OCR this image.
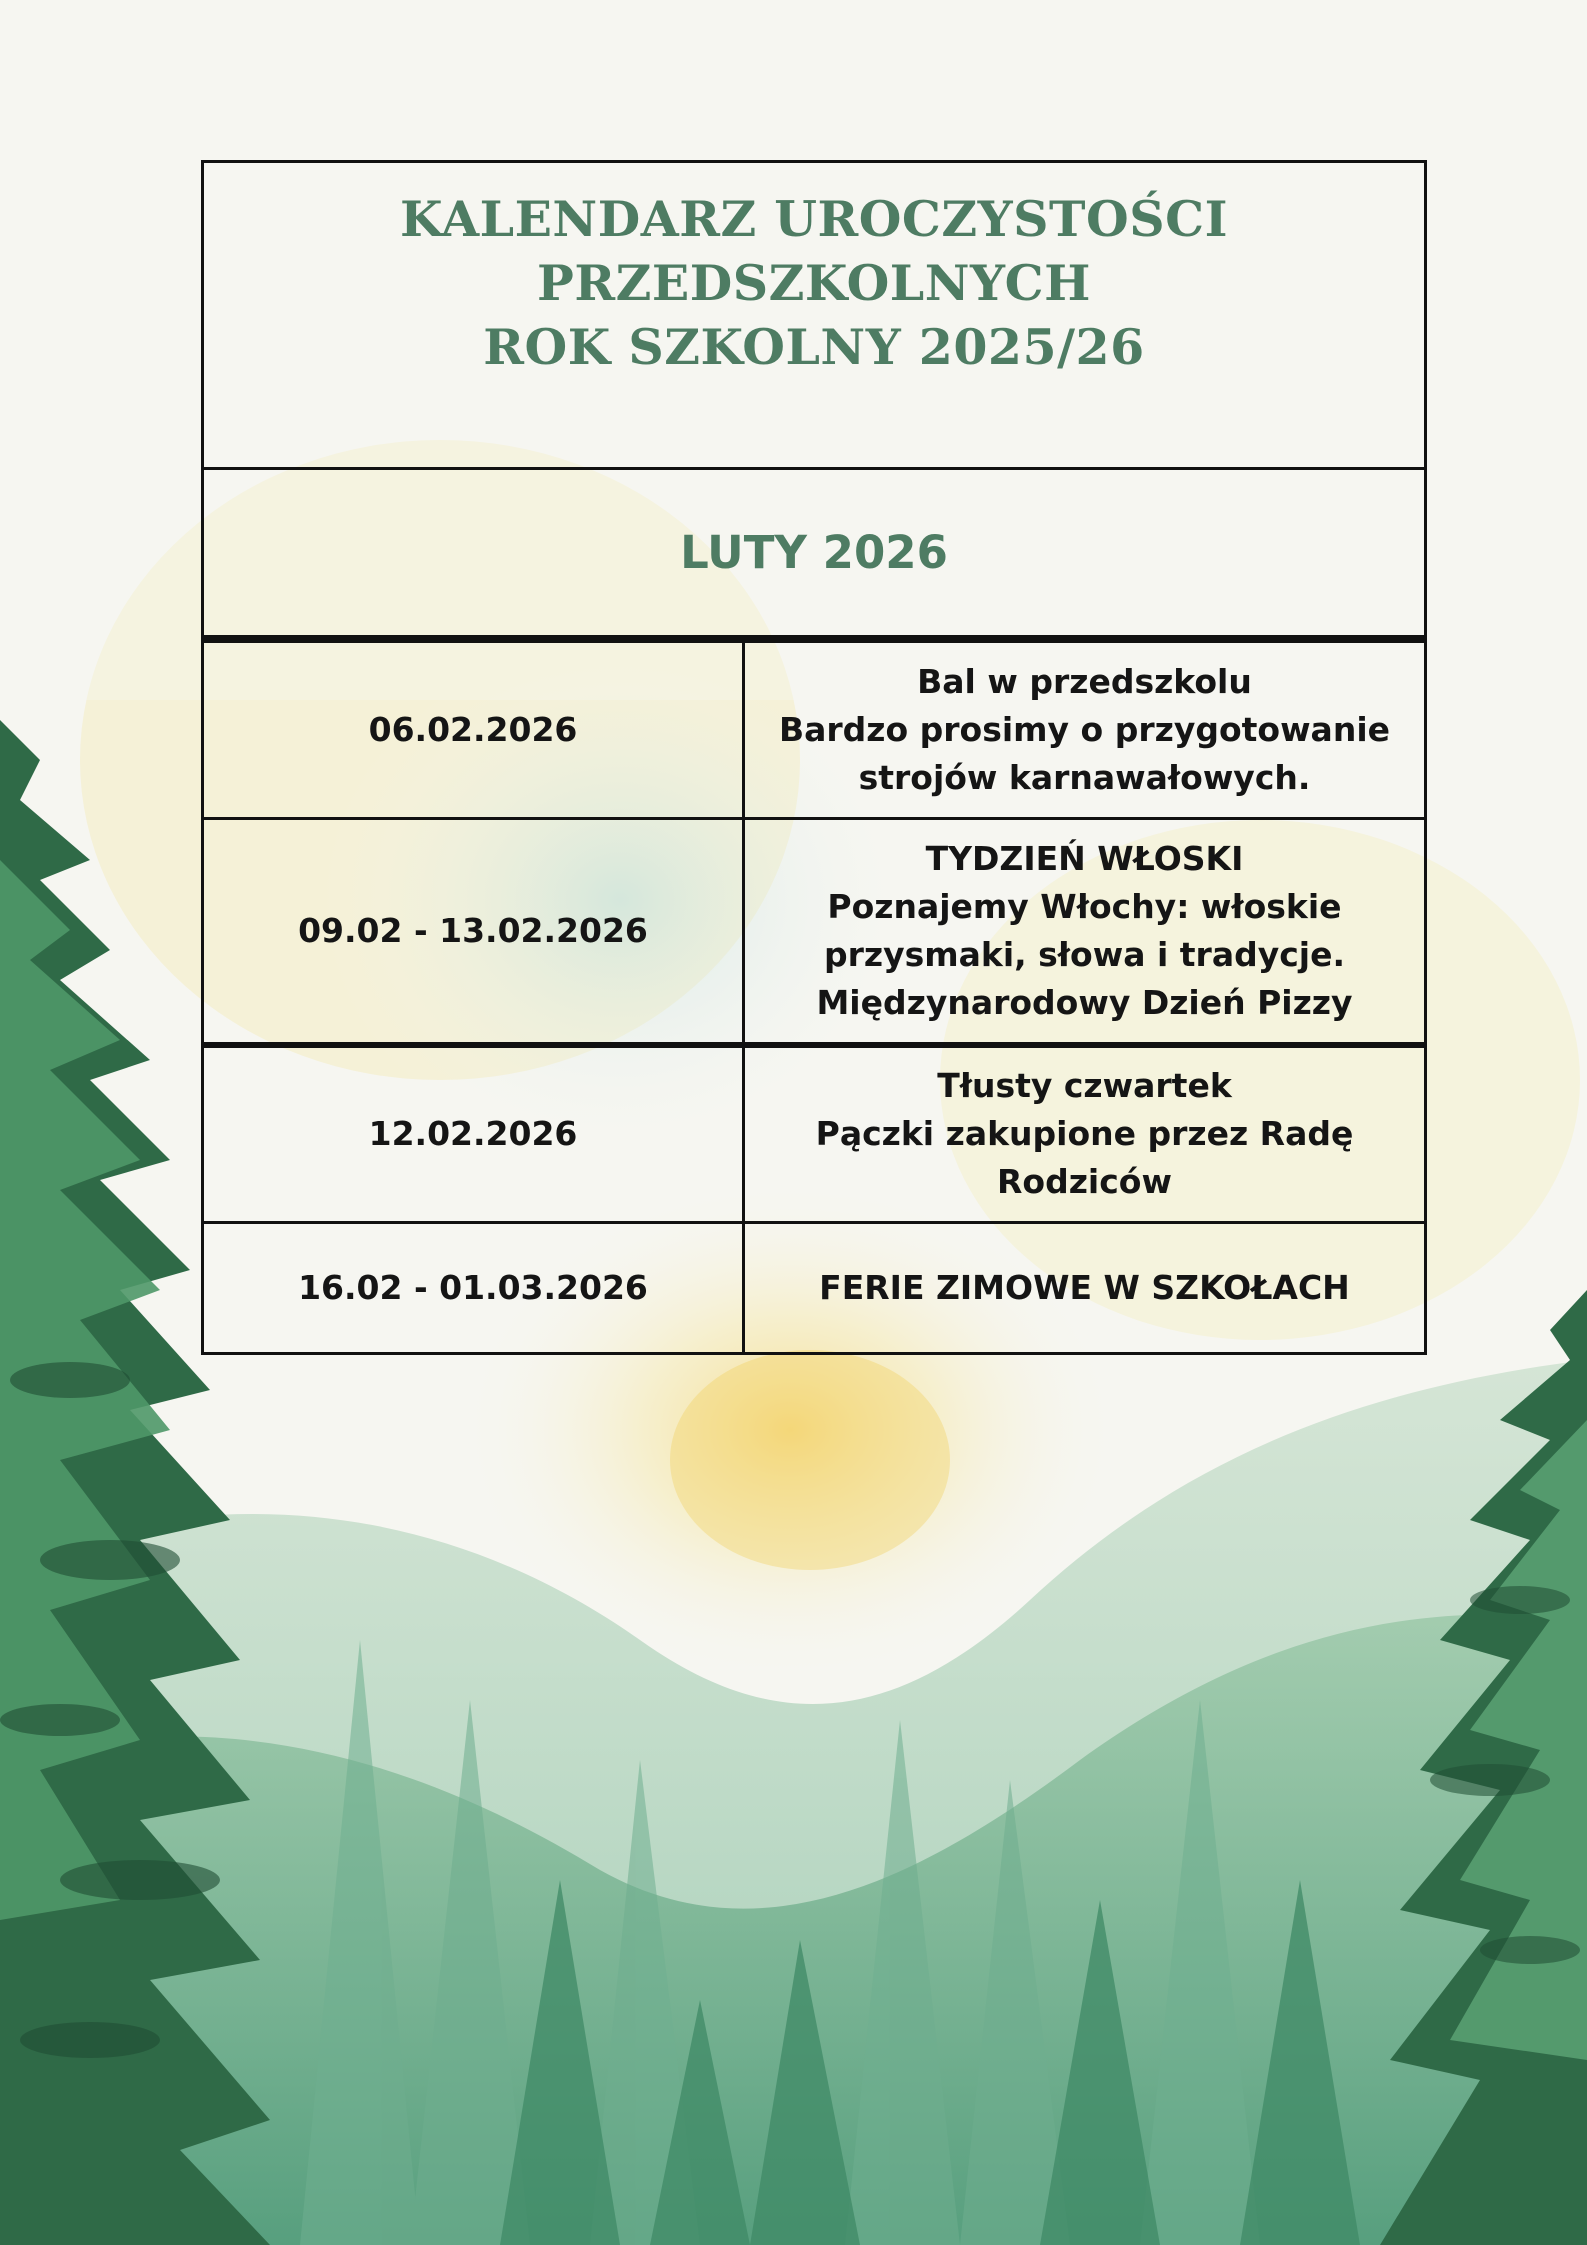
KALENDARZ UROCZYSTOŚCI
PRZEDSZKOLNYCH
ROK SZKOLNY 2025/26
LUTY 2026
06.02.2026	Bal w przedszkolu
Bardzo prosimy o przygotowanie
strojów karnawałowych.

09.02 - 13.02.2026	TYDZIEŃ WŁOSKI
Poznajemy Włochy: włoskie
przysmaki, słowa i tradycje.
Międzynarodowy Dzień Pizzy

12.02.2026	Tłusty czwartek
Pączki zakupione przez Radę
Rodziców

16.02 - 01.03.2026	FERIE ZIMOWE W SZKOŁACH
